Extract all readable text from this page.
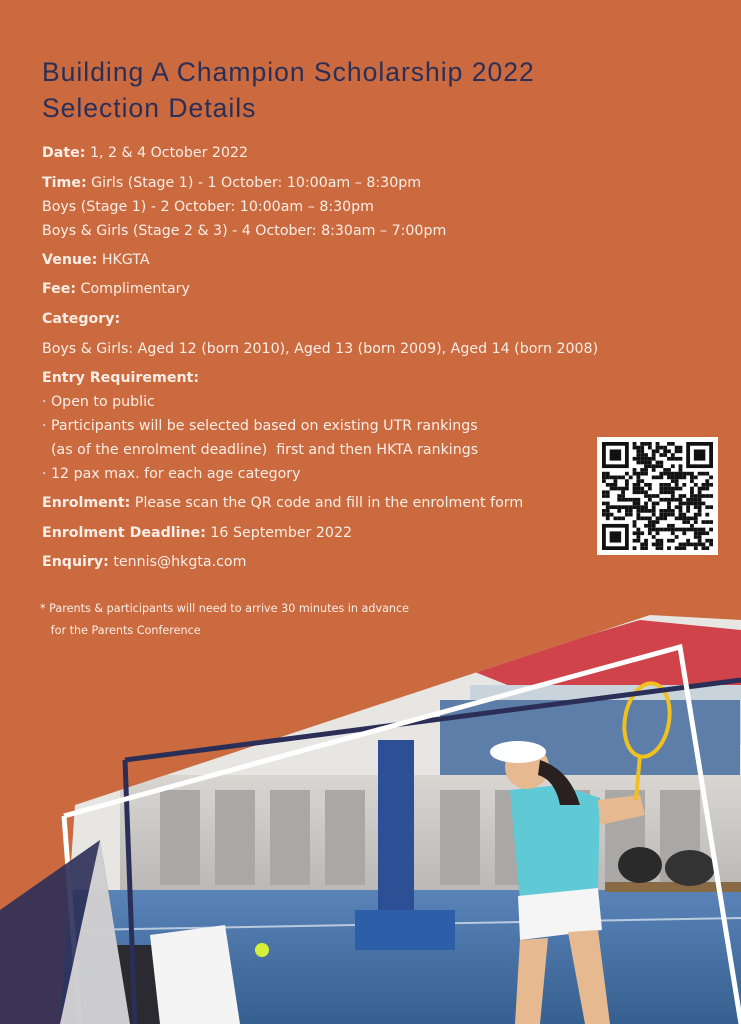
Building A Champion Scholarship 2022
Selection Details
Date: 1, 2 & 4 October 2022
Time: Girls (Stage 1) - 1 October: 10:00am – 8:30pm
Boys (Stage 1) - 2 October: 10:00am – 8:30pm
Boys & Girls (Stage 2 & 3) - 4 October: 8:30am – 7:00pm
Venue: HKGTA
Fee: Complimentary
Category:
Boys & Girls: Aged 12 (born 2010), Aged 13 (born 2009), Aged 14 (born 2008)
Entry Requirement:
· Open to public
· Participants will be selected based on existing UTR rankings
(as of the enrolment deadline)  first and then HKTA rankings
· 12 pax max. for each age category
Enrolment: Please scan the QR code and fill in the enrolment form
Enrolment Deadline: 16 September 2022
Enquiry: tennis@hkgta.com
* Parents & participants will need to arrive 30 minutes in advance
for the Parents Conference
